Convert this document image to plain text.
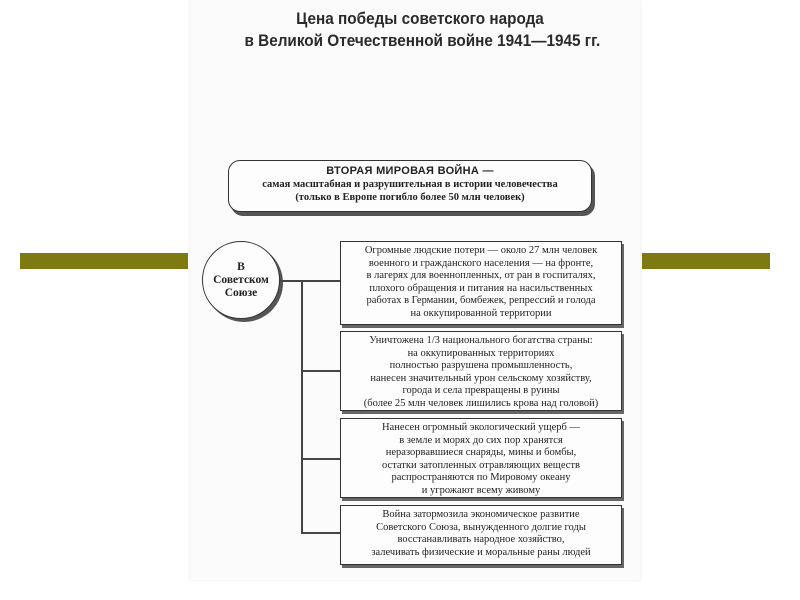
Цена победы советского народа
в Великой Отечественной войне 1941—1945 гг.
ВТОРАЯ МИРОВАЯ ВОЙНА —
самая масштабная и разрушительная в истории человечества
(только в Европе погибло более 50 млн человек)
В
Советском
Союзе
Огромные людские потери — около 27 млн человек
военного и гражданского населения — на фронте,
в лагерях для военнопленных, от ран в госпиталях,
плохого обращения и питания на насильственных
работах в Германии, бомбежек, репрессий и голода
на оккупированной территории
Уничтожена 1/3 национального богатства страны:
на оккупированных территориях
полностью разрушена промышленность,
нанесен значительный урон сельскому хозяйству,
города и села превращены в руины
(более 25 млн человек лишились крова над головой)
Нанесен огромный экологический ущерб —
в земле и морях до сих пор хранятся
неразорвавшиеся снаряды, мины и бомбы,
остатки затопленных отравляющих веществ
распространяются по Мировому океану
и угрожают всему живому
Война затормозила экономическое развитие
Советского Союза, вынужденного долгие годы
восстанавливать народное хозяйство,
залечивать физические и моральные раны людей
